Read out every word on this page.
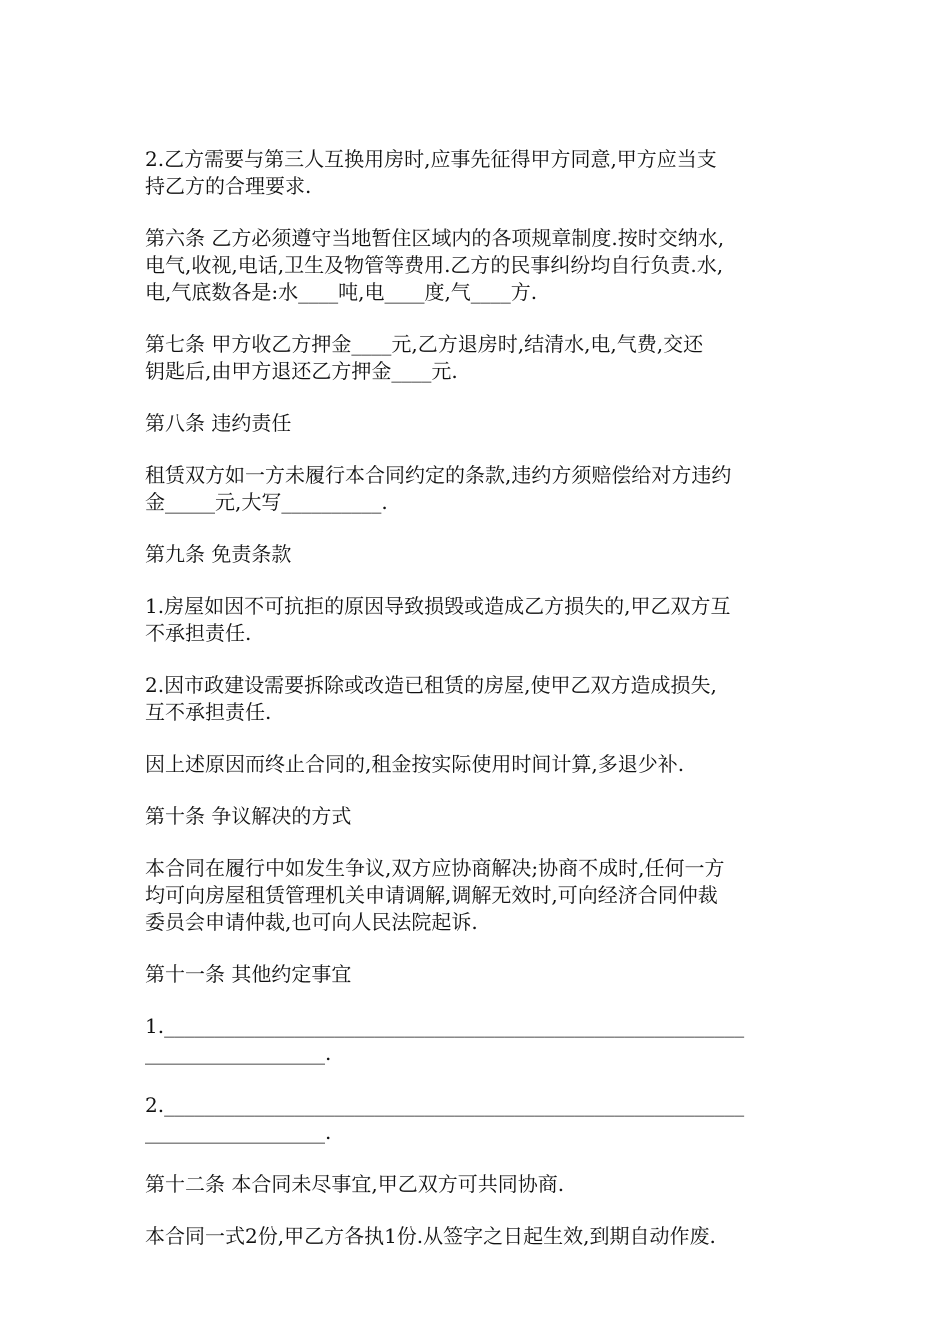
2.乙方需要与第三人互换用房时,应事先征得甲方同意,甲方应当支
持乙方的合理要求.
第六条 乙方必须遵守当地暂住区域内的各项规章制度.按时交纳水,
电气,收视,电话,卫生及物管等费用.乙方的民事纠纷均自行负责.水,
电,气底数各是:水____吨,电____度,气____方.
第七条 甲方收乙方押金____元,乙方退房时,结清水,电,气费,交还
钥匙后,由甲方退还乙方押金____元.
第八条 违约责任
租赁双方如一方未履行本合同约定的条款,违约方须赔偿给对方违约
金_____元,大写__________.
第九条 免责条款
1.房屋如因不可抗拒的原因导致损毁或造成乙方损失的,甲乙双方互
不承担责任.
2.因市政建设需要拆除或改造已租赁的房屋,使甲乙双方造成损失,
互不承担责任.
因上述原因而终止合同的,租金按实际使用时间计算,多退少补.
第十条 争议解决的方式
本合同在履行中如发生争议,双方应协商解决;协商不成时,任何一方
均可向房屋租赁管理机关申请调解,调解无效时,可向经济合同仲裁
委员会申请仲裁,也可向人民法院起诉.
第十一条 其他约定事宜
1.__________________________________________________________
__________________.
2.__________________________________________________________
__________________.
第十二条 本合同未尽事宜,甲乙双方可共同协商.
本合同一式2份,甲乙方各执1份.从签字之日起生效,到期自动作废.
